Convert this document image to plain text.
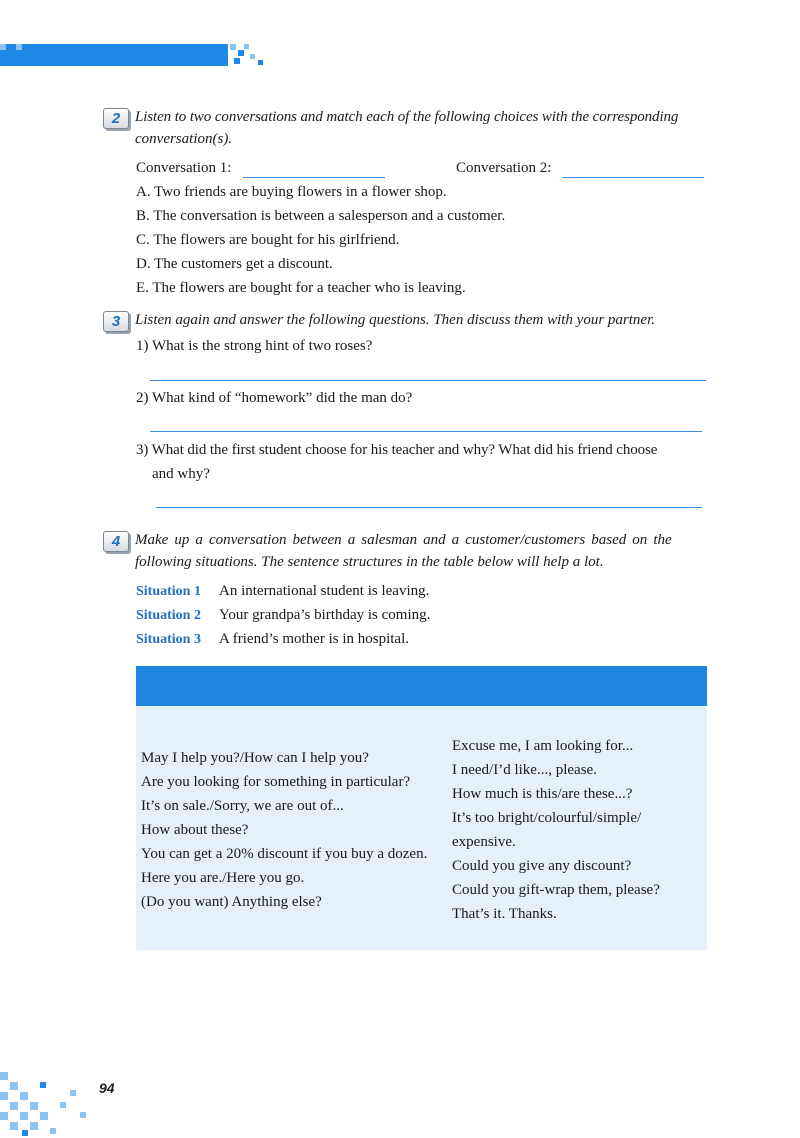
2 Listen to two conversations and match each of the following choices with the corresponding
conversation(s).
Conversation 1:	Conversation 2:
A. Two friends are buying flowers in a flower shop.
B. The conversation is between a salesperson and a customer.
C. The flowers are bought for his girlfriend.
D. The customers get a discount.
E. The flowers are bought for a teacher who is leaving.
3 Listen again and answer the following questions. Then discuss them with your partner.
1) What is the strong hint of two roses?
2) What kind of “homework” did the man do?
3) What did the first student choose for his teacher and why? What did his friend choose
and why?
4 Make up a conversation between a salesman and a customer/customers based on the
following situations. The sentence structures in the table below will help a lot.
Situation 1 An international student is leaving.
Situation 2 Your grandpa’s birthday is coming.
Situation 3 A friend’s mother is in hospital.
May I help you?/How can I help you?
Are you looking for something in particular?
It’s on sale./Sorry, we are out of...
How about these?
You can get a 20% discount if you buy a dozen.
Here you are./Here you go.
(Do you want) Anything else?
Excuse me, I am looking for...
I need/I’d like..., please.
How much is this/are these...?
It’s too bright/colourful/simple/
expensive.
Could you give any discount?
Could you gift-wrap them, please?
That’s it. Thanks.
94
